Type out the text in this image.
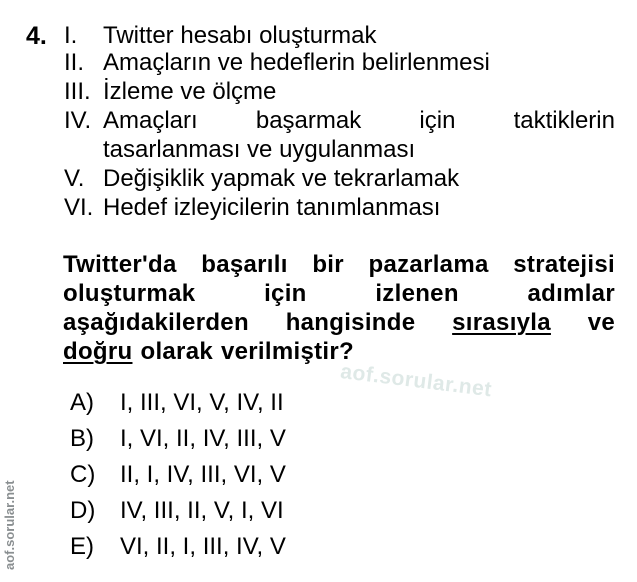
4. I. Twitter hesabı oluşturmak
II. Amaçların ve hedeflerin belirlenmesi
III. İzleme ve ölçme
IV. Amaçları başarmak için taktiklerin
tasarlanması ve uygulanması
V. Değişiklik yapmak ve tekrarlamak
VI. Hedef izleyicilerin tanımlanması
Twitter'da başarılı bir pazarlama stratejisi
oluşturmak	için	izlenen	adımlar
aşağıdakilerden hangisinde sırasıyla ve
doğru olarak verilmiştir?
A) I, III, VI, V, IV, II
B) I, VI, II, IV, III, V
C) II, I, IV, III, VI, V
D) IV, III, II, V, I, VI
E) VI, II, I, III, IV, V
aof.sorular.net
aof.sorular.net
